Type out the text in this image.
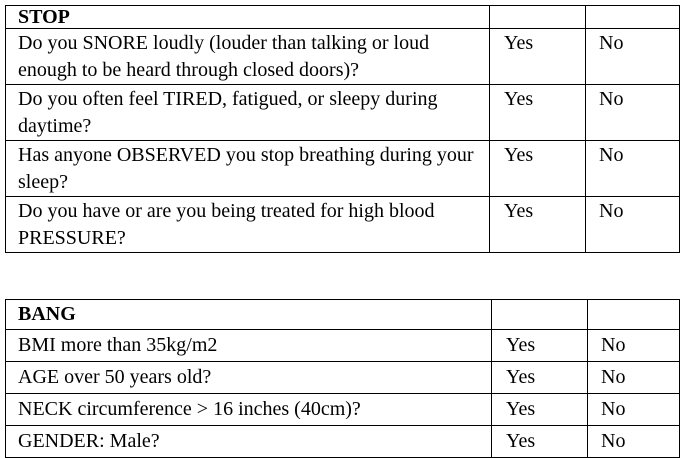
STOP		
Do you SNORE loudly (louder than talking or loud enough to be heard through closed doors)?	Yes	No
Do you often feel TIRED, fatigued, or sleepy during daytime?	Yes	No
Has anyone OBSERVED you stop breathing during your sleep?	Yes	No
Do you have or are you being treated for high blood PRESSURE?	Yes	No
BANG		
BMI more than 35kg/m2	Yes	No
AGE over 50 years old?	Yes	No
NECK circumference > 16 inches (40cm)?	Yes	No
GENDER: Male?	Yes	No
